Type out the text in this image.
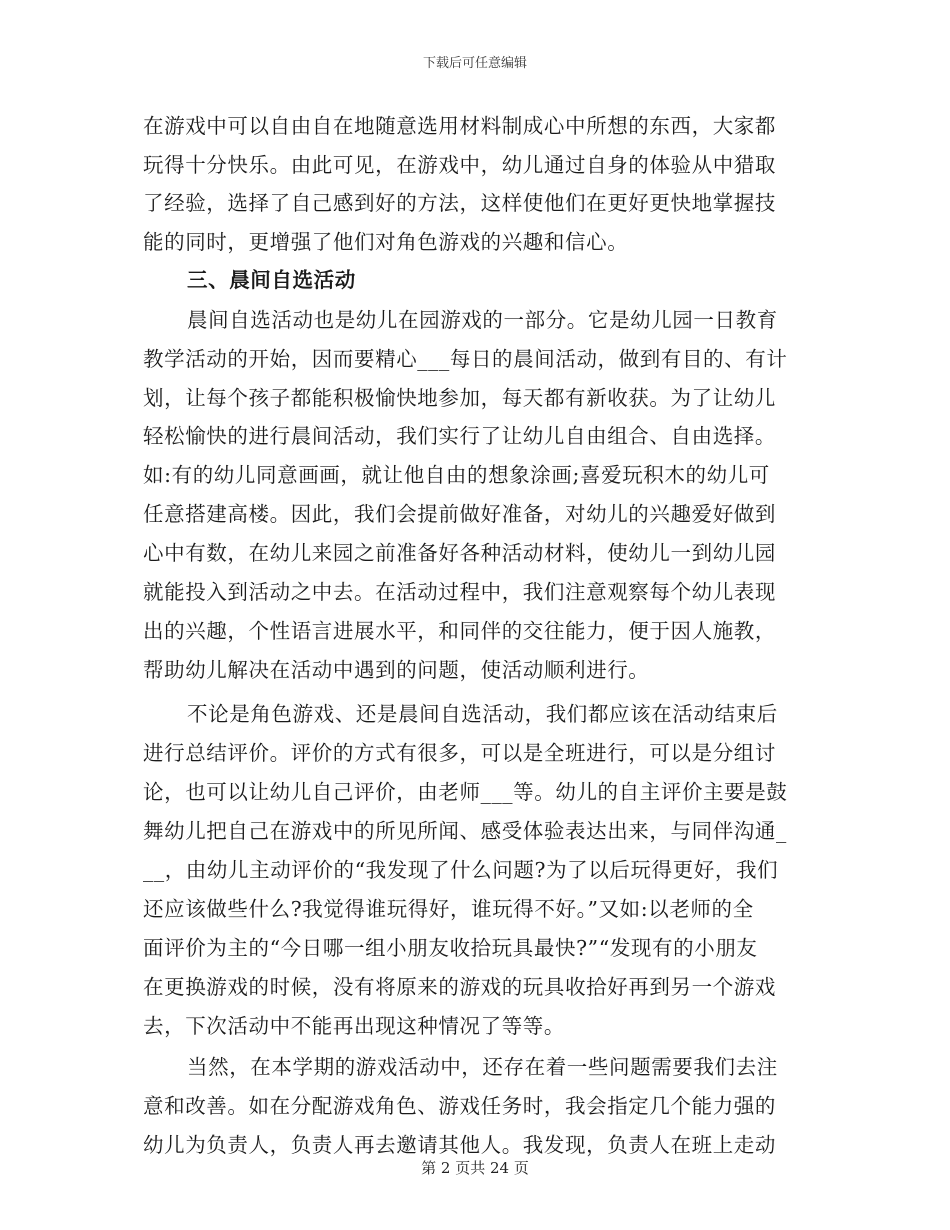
下载后可任意编辑
在游戏中可以自由自在地随意选用材料制成心中所想的东西，大家都
玩得十分快乐。由此可见，在游戏中，幼儿通过自身的体验从中猎取
了经验，选择了自己感到好的方法，这样使他们在更好更快地掌握技
能的同时，更增强了他们对角色游戏的兴趣和信心。
三、晨间自选活动
晨间自选活动也是幼儿在园游戏的一部分。它是幼儿园一日教育
教学活动的开始，因而要精心___每日的晨间活动，做到有目的、有计
划，让每个孩子都能积极愉快地参加，每天都有新收获。为了让幼儿
轻松愉快的进行晨间活动，我们实行了让幼儿自由组合、自由选择。
如:有的幼儿同意画画，就让他自由的想象涂画;喜爱玩积木的幼儿可
任意搭建高楼。因此，我们会提前做好准备，对幼儿的兴趣爱好做到
心中有数，在幼儿来园之前准备好各种活动材料，使幼儿一到幼儿园
就能投入到活动之中去。在活动过程中，我们注意观察每个幼儿表现
出的兴趣，个性语言进展水平，和同伴的交往能力，便于因人施教，
帮助幼儿解决在活动中遇到的问题，使活动顺利进行。
不论是角色游戏、还是晨间自选活动，我们都应该在活动结束后
进行总结评价。评价的方式有很多，可以是全班进行，可以是分组讨
论，也可以让幼儿自己评价，由老师___等。幼儿的自主评价主要是鼓
舞幼儿把自己在游戏中的所见所闻、感受体验表达出来，与同伴沟通_
__，由幼儿主动评价的“我发现了什么问题?为了以后玩得更好，我们
还应该做些什么?我觉得谁玩得好，谁玩得不好。”又如:以老师的全
面评价为主的“今日哪一组小朋友收拾玩具最快?”“发现有的小朋友
在更换游戏的时候，没有将原来的游戏的玩具收拾好再到另一个游戏
去，下次活动中不能再出现这种情况了等等。
当然，在本学期的游戏活动中，还存在着一些问题需要我们去注
意和改善。如在分配游戏角色、游戏任务时，我会指定几个能力强的
幼儿为负责人，负责人再去邀请其他人。我发现，负责人在班上走动
第 2 页共 24 页
